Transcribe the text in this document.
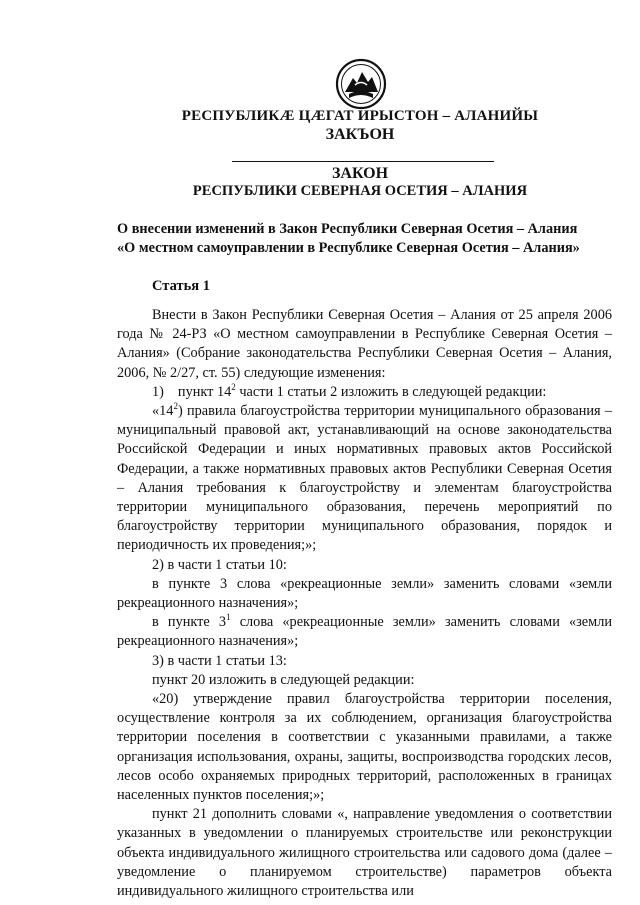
РЕСПУБЛИКӔ ЦӔГАТ ИРЫСТОН – АЛАНИЙЫ
ЗАКЪОН
ЗАКОН
РЕСПУБЛИКИ СЕВЕРНАЯ ОСЕТИЯ – АЛАНИЯ
О внесении изменений в Закон Республики Северная Осетия – Алания
«О местном самоуправлении в Республике Северная Осетия – Алания»
Статья 1

Внести в Закон Республики Северная Осетия – Алания от 25 апреля 2006 года № 24-РЗ «О местном самоуправлении в Республике Северная Осетия – Алания» (Собрание законодательства Республики Северная Осетия – Алания, 2006, № 2/27, ст. 55) следующие изменения:

1) пункт $14^2$ части 1 статьи 2 изложить в следующей редакции:

«$14^2$) правила благоустройства территории муниципального образования – муниципальный правовой акт, устанавливающий на основе законодательства Российской Федерации и иных нормативных правовых актов Российской Федерации, а также нормативных правовых актов Республики Северная Осетия – Алания требования к благоустройству и элементам благоустройства территории муниципального образования, перечень мероприятий по благоустройству территории муниципального образования, порядок и периодичность их проведения;»;

2) в части 1 статьи 10:

в пункте 3 слова «рекреационные земли» заменить словами «земли рекреационного назначения»;

в пункте $3^1$ слова «рекреационные земли» заменить словами «земли рекреационного назначения»;

3) в части 1 статьи 13:

пункт 20 изложить в следующей редакции:

«20) утверждение правил благоустройства территории поселения, осуществление контроля за их соблюдением, организация благоустройства территории поселения в соответствии с указанными правилами, а также организация использования, охраны, защиты, воспроизводства городских лесов, лесов особо охраняемых природных территорий, расположенных в границах населенных пунктов поселения;»;

пункт 21 дополнить словами «, направление уведомления о соответствии указанных в уведомлении о планируемых строительстве или реконструкции объекта индивидуального жилищного строительства или садового дома (далее – уведомление о планируемом строительстве) параметров объекта индивидуального жилищного строительства или
